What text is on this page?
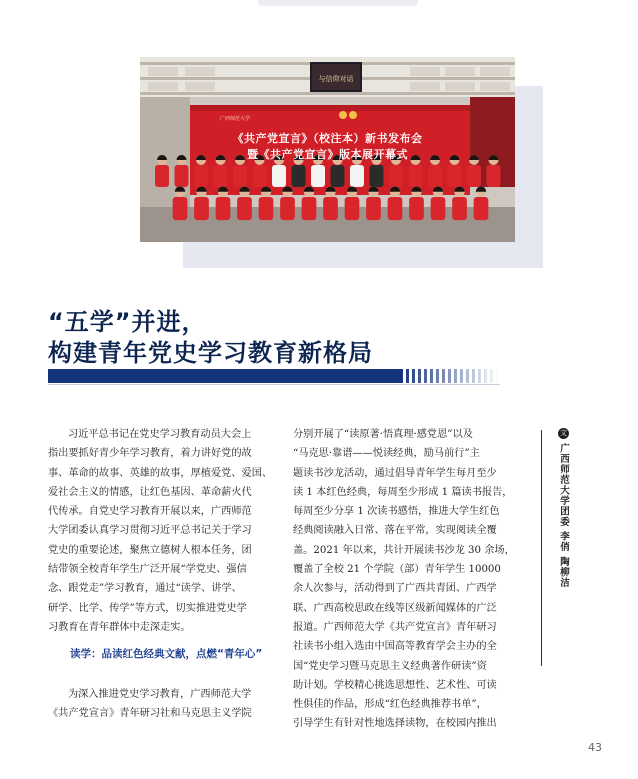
与信仰对话
广西师范大学
《共产党宣言》（校注本）新书发布会
暨《共产党宣言》版本展开幕式
“五学”并进，
构建青年党史学习教育新格局

习近平总书记在党史学习教育动员大会上

指出要抓好青少年学习教育，着力讲好党的故

事、革命的故事、英雄的故事，厚植爱党、爱国、

爱社会主义的情感，让红色基因、革命薪火代

代传承。自党史学习教育开展以来，广西师范

大学团委认真学习贯彻习近平总书记关于学习

党史的重要论述，聚焦立德树人根本任务，团

结带领全校青年学生广泛开展“学党史、强信

念、跟党走”学习教育，通过“读学、讲学、

研学、比学、传学”等方式，切实推进党史学

习教育在青年群体中走深走实。

读学：品读红色经典文献，点燃“青年心”

为深入推进党史学习教育，广西师范大学

《共产党宣言》青年研习社和马克思主义学院

分别开展了“读原著·悟真理·感党恩”以及

“马克思·靠谱——悦读经典，励马前行”主

题读书沙龙活动，通过倡导青年学生每月至少

读 1 本红色经典，每周至少形成 1 篇读书报告，

每周至少分享 1 次读书感悟，推进大学生红色

经典阅读融入日常、落在平常，实现阅读全覆

盖。2021 年以来，共计开展读书沙龙 30 余场，

覆盖了全校 21 个学院（部）青年学生 10000

余人次参与，活动得到了广西共青团、广西学

联、广西高校思政在线等区级新闻媒体的广泛

报道。广西师范大学《共产党宣言》青年研习

社读书小组入选由中国高等教育学会主办的全

国“党史学习暨马克思主义经典著作研读”资

助计划。学校精心挑选思想性、艺术性、可读

性俱佳的作品，形成“红色经典推荐书单”，

引导学生有针对性地选择读物，在校园内推出

文
广西师范大学团委 李俏 陶柳洁
43
